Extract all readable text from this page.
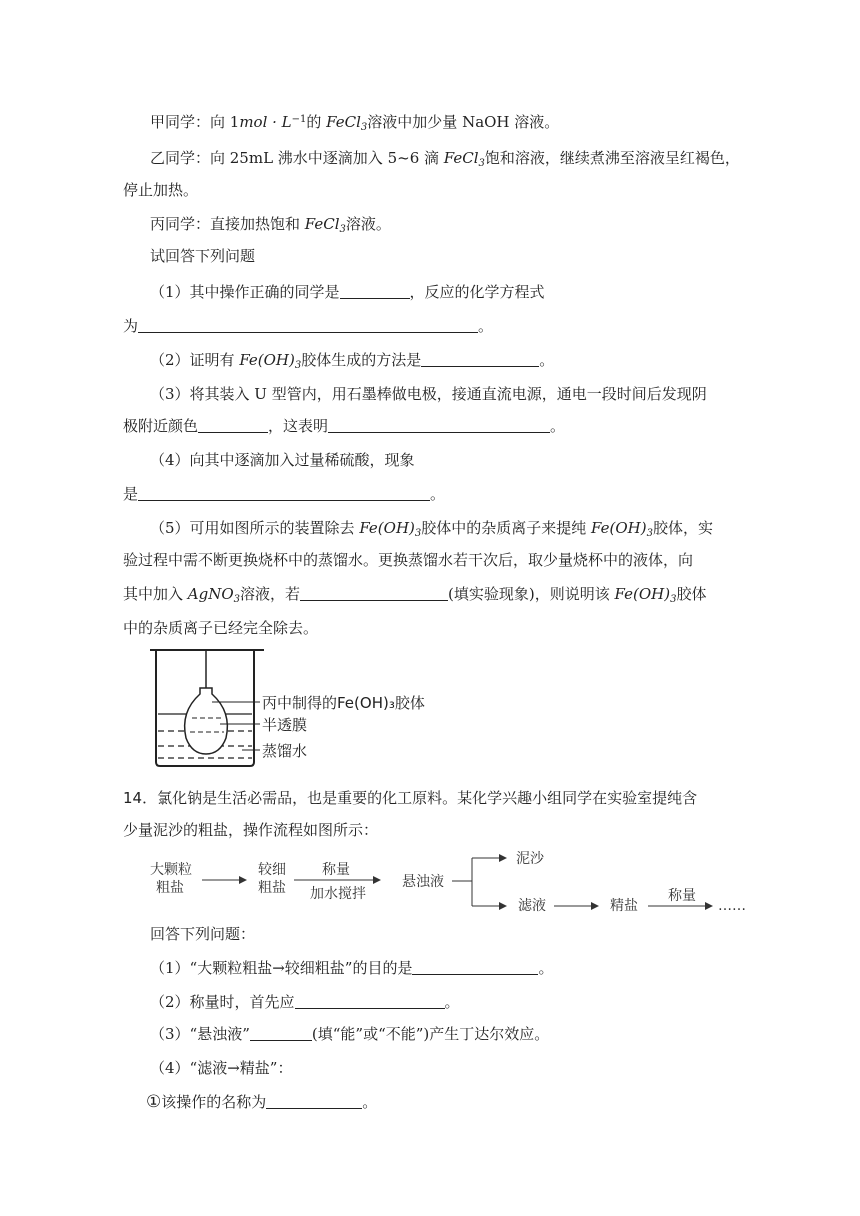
甲同学：向 $1mol \cdot L^{-1}$的 FeCl$_3$溶液中加少量 NaOH 溶液。
乙同学：向 25mL 沸水中逐滴加入 5~6 滴 FeCl$_3$饱和溶液，继续煮沸至溶液呈红褐色，
停止加热。
丙同学：直接加热饱和 FeCl$_3$溶液。
试回答下列问题
（1）其中操作正确的同学是	，反应的化学方程式
为	。
（2）证明有 $Fe(OH)_3$胶体生成的方法是	。
（3）将其装入 U 型管内，用石墨棒做电极，接通直流电源，通电一段时间后发现阴
极附近颜色	，这表明	。
（4）向其中逐滴加入过量稀硫酸，现象
是	。
（5）可用如图所示的装置除去 $Fe(OH)_3$胶体中的杂质离子来提纯 $Fe(OH)_3$胶体，实
验过程中需不断更换烧杯中的蒸馏水。更换蒸馏水若干次后，取少量烧杯中的液体，向
其中加入 AgNO$_3$溶液，若	(填实验现象)，则说明该 $Fe(OH)_3$胶体
中的杂质离子已经完全除去。
丙中制得的Fe(OH)₃胶体
半透膜
蒸馏水
14．氯化钠是生活必需品，也是重要的化工原料。某化学兴趣小组同学在实验室提纯含
少量泥沙的粗盐，操作流程如图所示：
大颗粒
粗盐
较细
粗盐
称量
加水搅拌
悬浊液
泥沙
滤液	精盐
称量
……
回答下列问题：
（1）“大颗粒粗盐→较细粗盐”的目的是	。
（2）称量时，首先应	。
（3）“悬浊液”	(填“能”或“不能”)产生丁达尔效应。
（4）“滤液→精盐”：
①该操作的名称为	。
